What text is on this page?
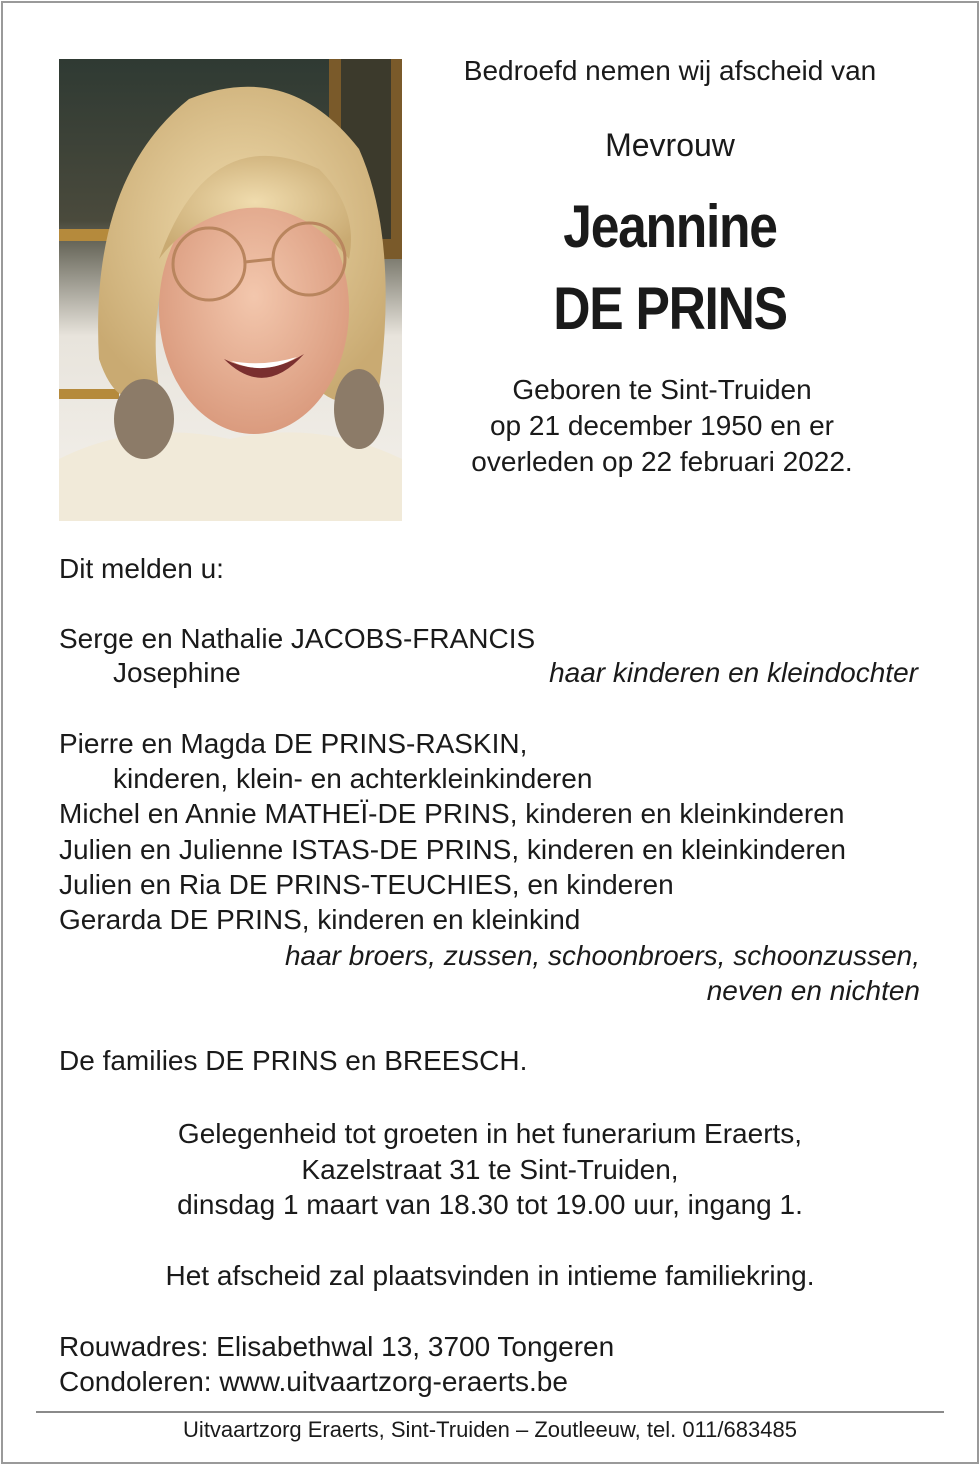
Bedroefd nemen wij afscheid van
Mevrouw
Jeannine
DE PRINS
Geboren te Sint-Truiden
op 21 december 1950 en er
overleden op 22 februari 2022.
Dit melden u:
Serge en Nathalie JACOBS-FRANCIS
Josephine	haar kinderen en kleindochter
Pierre en Magda DE PRINS-RASKIN,
kinderen, klein- en achterkleinkinderen
Michel en Annie MATHEÏ-DE PRINS, kinderen en kleinkinderen
Julien en Julienne ISTAS-DE PRINS, kinderen en kleinkinderen
Julien en Ria DE PRINS-TEUCHIES, en kinderen
Gerarda DE PRINS, kinderen en kleinkind
haar broers, zussen, schoonbroers, schoonzussen,
neven en nichten
De families DE PRINS en BREESCH.
Gelegenheid tot groeten in het funerarium Eraerts,
Kazelstraat 31 te Sint-Truiden,
dinsdag 1 maart van 18.30 tot 19.00 uur, ingang 1.
Het afscheid zal plaatsvinden in intieme familiekring.
Rouwadres: Elisabethwal 13, 3700 Tongeren
Condoleren: www.uitvaartzorg-eraerts.be
Uitvaartzorg Eraerts, Sint-Truiden – Zoutleeuw, tel. 011/683485
